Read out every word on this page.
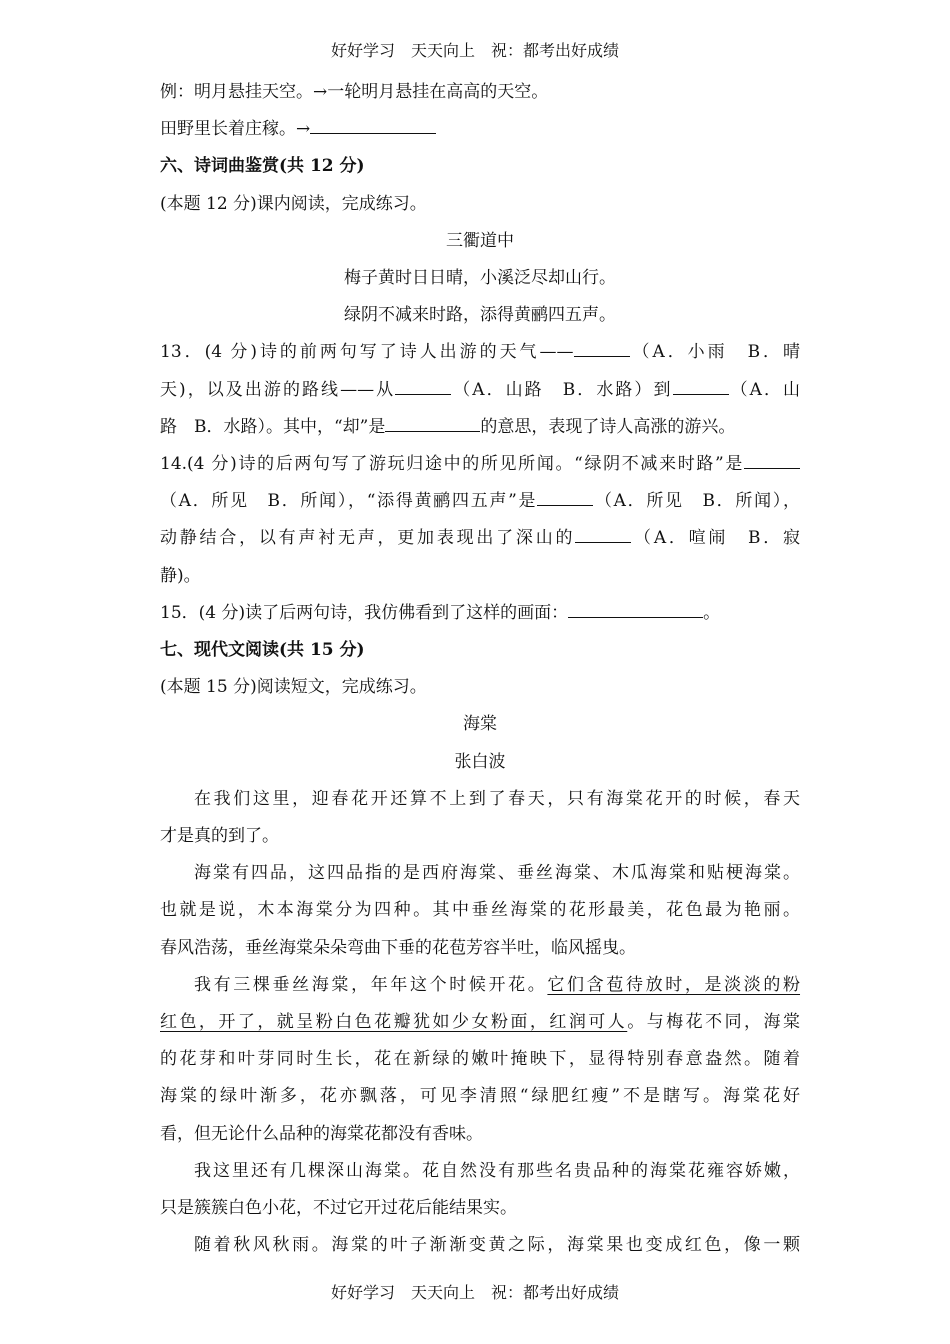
好好学习　天天向上　祝：都考出好成绩
例：明月悬挂天空。→一轮明月悬挂在高高的天空。
田野里长着庄稼。→
六、诗词曲鉴赏(共 12 分)
(本题 12 分)课内阅读，完成练习。
三衢道中
梅子黄时日日晴，小溪泛尽却山行。
绿阴不减来时路，添得黄鹂四五声。
13．(4 分)诗的前两句写了诗人出游的天气——	（A．小雨　B．晴
天)，以及出游的路线——从	（A．山路　B．水路）到	（A．山
路　B．水路）。其中，“却”是	的意思，表现了诗人高涨的游兴。
14.(4 分)诗的后两句写了游玩归途中的所见所闻。“绿阴不减来时路”是
（A．所见　B．所闻），“添得黄鹂四五声”是	（A．所见　B．所闻），
动静结合，以有声衬无声，更加表现出了深山的	（A．喧闹　B．寂
静)。
15．(4 分)读了后两句诗，我仿佛看到了这样的画面：	。
七、现代文阅读(共 15 分)
(本题 15 分)阅读短文，完成练习。
海棠
张白波
在我们这里，迎春花开还算不上到了春天，只有海棠花开的时候，春天
才是真的到了。
海棠有四品，这四品指的是西府海棠、垂丝海棠、木瓜海棠和贴梗海棠。
也就是说，木本海棠分为四种。其中垂丝海棠的花形最美，花色最为艳丽。
春风浩荡，垂丝海棠朵朵弯曲下垂的花苞芳容半吐，临风摇曳。
我有三棵垂丝海棠，年年这个时候开花。它们含苞待放时，是淡淡的粉
红色，开了，就呈粉白色花瓣犹如少女粉面，红润可人。与梅花不同，海棠
的花芽和叶芽同时生长，花在新绿的嫩叶掩映下，显得特别春意盎然。随着
海棠的绿叶渐多，花亦飘落，可见李清照“绿肥红瘦”不是瞎写。海棠花好
看，但无论什么品种的海棠花都没有香味。
我这里还有几棵深山海棠。花自然没有那些名贵品种的海棠花雍容娇嫩，
只是簇簇白色小花，不过它开过花后能结果实。
随着秋风秋雨。海棠的叶子渐渐变黄之际，海棠果也变成红色，像一颗
好好学习　天天向上　祝：都考出好成绩
